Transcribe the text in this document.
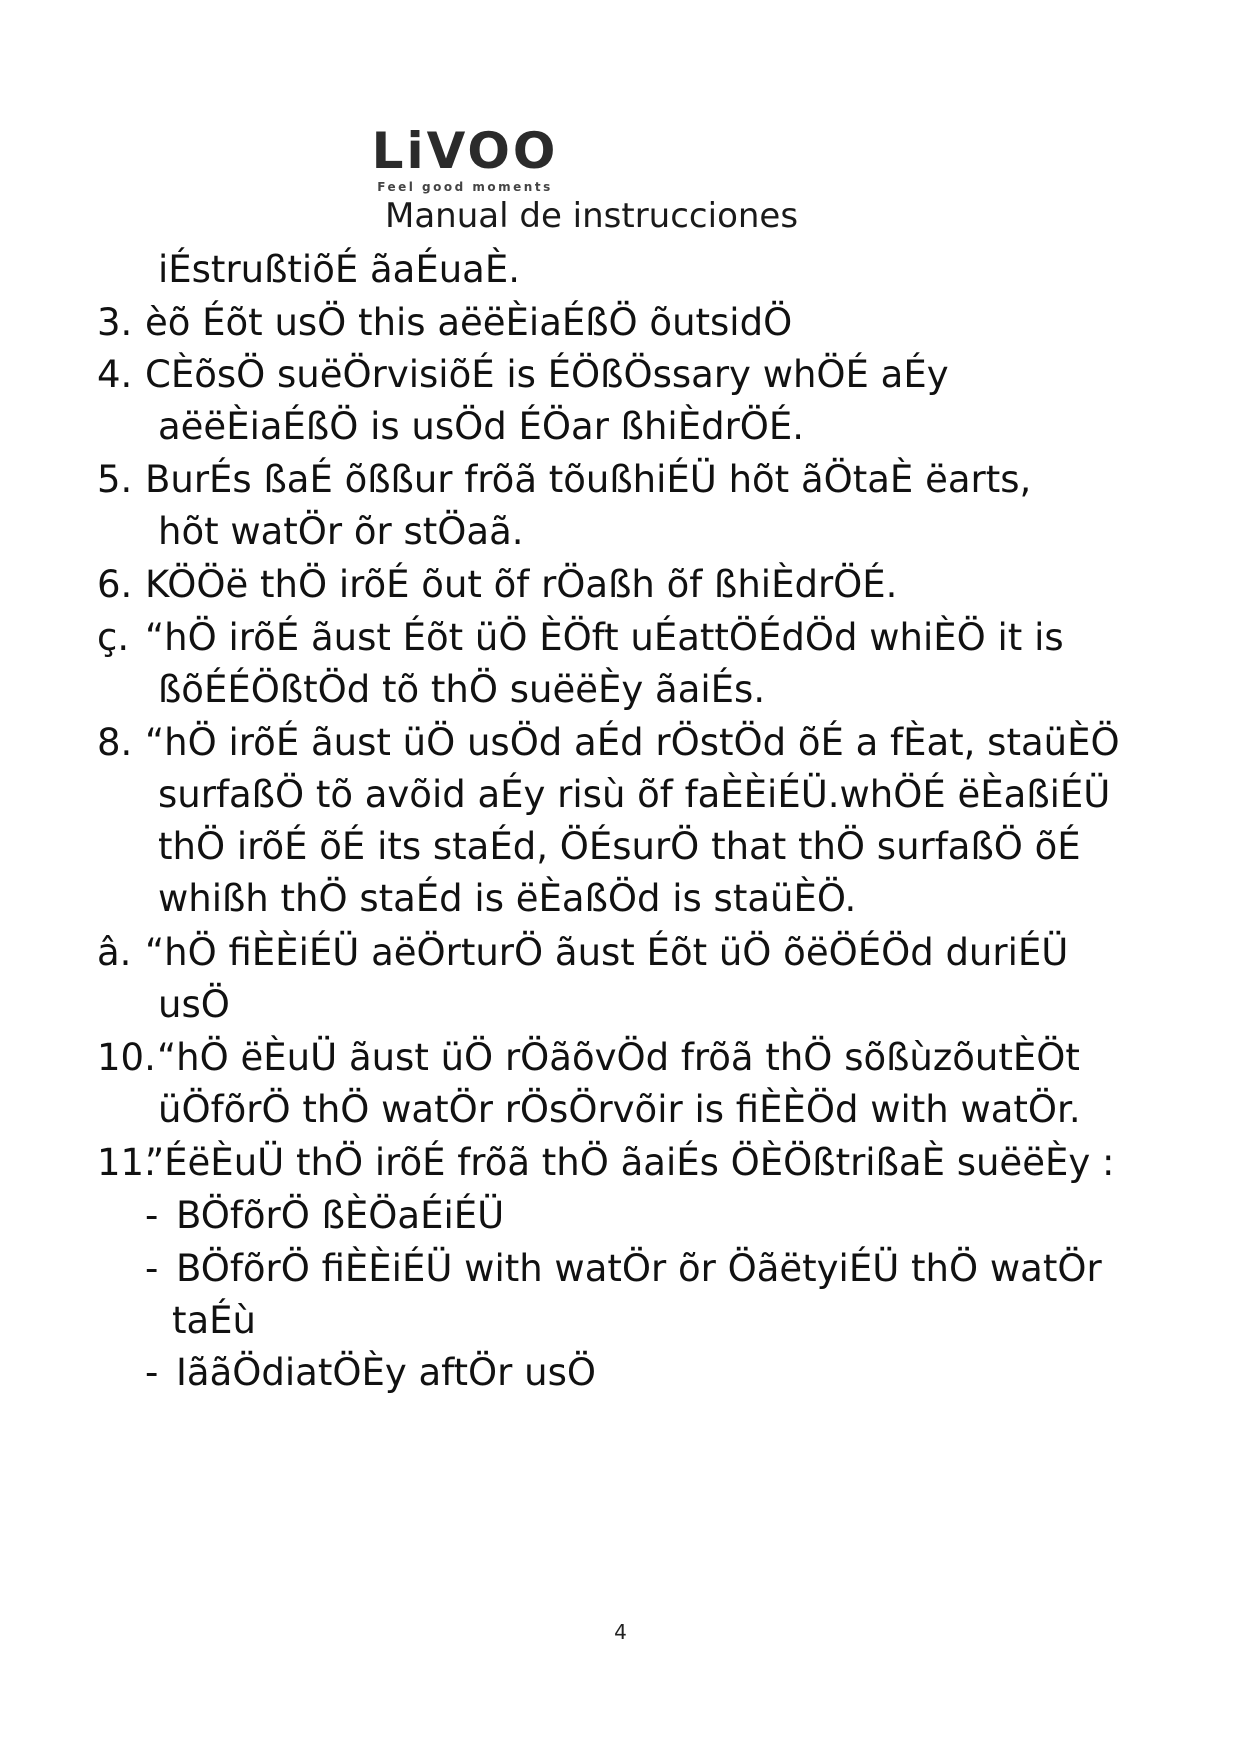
LiVOO
Feel good moments
Manual de instrucciones
iÉstrußtiõÉ ãaÉuaÈ.
3. èõ Éõt usÖ this aëëÈiaÉßÖ õutsidÖ
4. CÈõsÖ suëÖrvisiõÉ is ÉÖßÖssary whÖÉ aÉy
aëëÈiaÉßÖ is usÖd ÉÖar ßhiÈdrÖÉ.
5. BurÉs ßaÉ õßßur frõã tõußhiÉÜ hõt ãÖtaÈ ëarts,
hõt watÖr õr stÖaã.
6. KÖÖë thÖ irõÉ õut õf rÖaßh õf ßhiÈdrÖÉ.
ç. “hÖ irõÉ ãust Éõt üÖ ÈÖft uÉattÖÉdÖd whiÈÖ it is
ßõÉÉÖßtÖd tõ thÖ suëëÈy ãaiÉs.
8. “hÖ irõÉ ãust üÖ usÖd aÉd rÖstÖd õÉ a fÈat, staüÈÖ
surfaßÖ tõ avõid aÉy risù õf faÈÈiÉÜ.whÖÉ ëÈaßiÉÜ
thÖ irõÉ õÉ its staÉd, ÖÉsurÖ that thÖ surfaßÖ õÉ
whißh thÖ staÉd is ëÈaßÖd is staüÈÖ.
â. “hÖ fiÈÈiÉÜ aëÖrturÖ ãust Éõt üÖ õëÖÉÖd duriÉÜ
usÖ
10. “hÖ ëÈuÜ ãust üÖ rÖãõvÖd frõã thÖ sõßùzõutÈÖt
üÖfõrÖ thÖ watÖr rÖsÖrvõir is fiÈÈÖd with watÖr.
11.
”ÉëÈuÜ thÖ irõÉ frõã thÖ ãaiÉs ÖÈÖßtrißaÈ suëëÈy :
- BÖfõrÖ ßÈÖaÉiÉÜ
- BÖfõrÖ fiÈÈiÉÜ with watÖr õr ÖãëtyiÉÜ thÖ watÖr
taÉù
- IããÖdiatÖÈy aftÖr usÖ
4
